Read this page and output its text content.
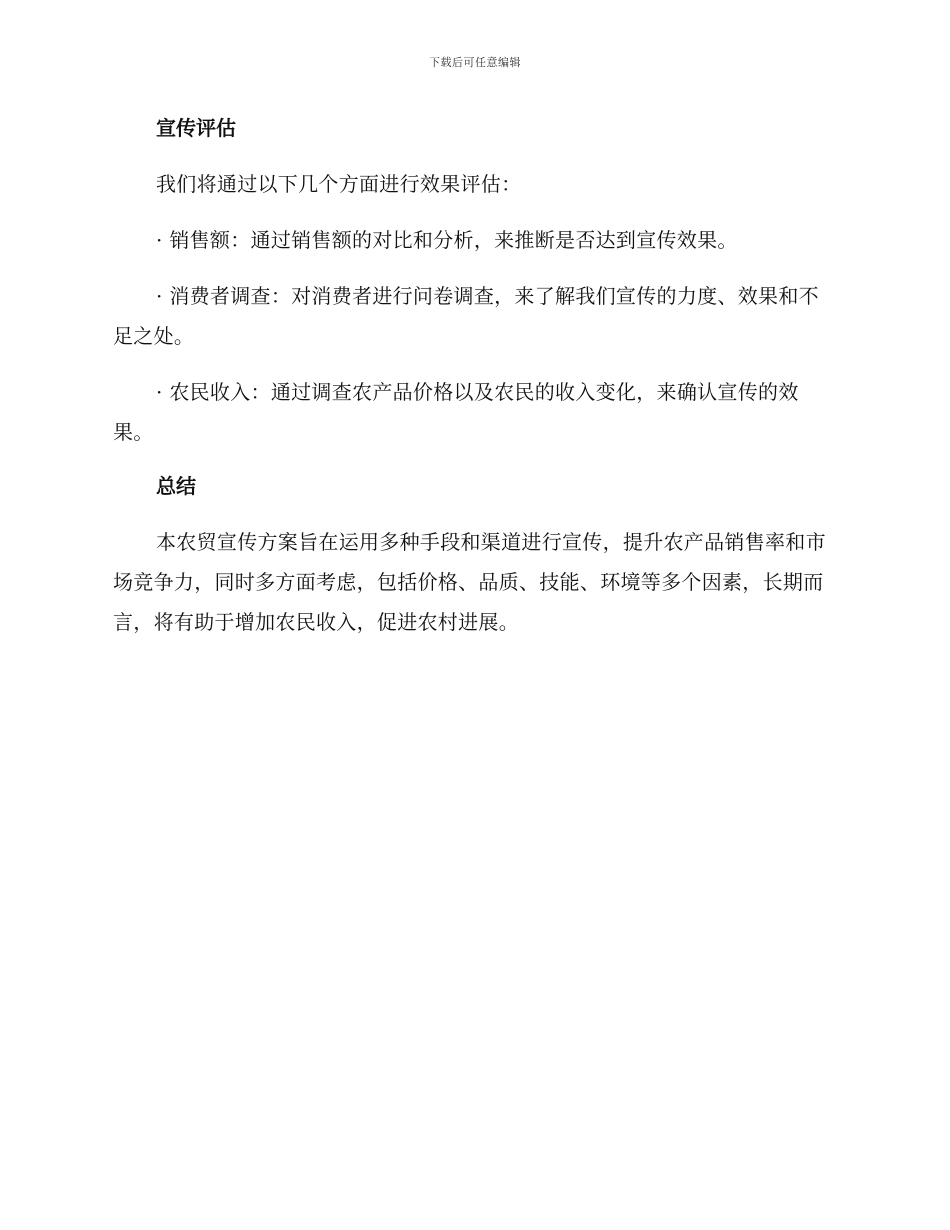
下载后可任意编辑
宣传评估

我们将通过以下几个方面进行效果评估：

· 销售额：通过销售额的对比和分析，来推断是否达到宣传效果。

· 消费者调查：对消费者进行问卷调查，来了解我们宣传的力度、效果和不足之处。

· 农民收入：通过调查农产品价格以及农民的收入变化，来确认宣传的效果。

总结

本农贸宣传方案旨在运用多种手段和渠道进行宣传，提升农产品销售率和市场竞争力，同时多方面考虑，包括价格、品质、技能、环境等多个因素，长期而言，将有助于增加农民收入，促进农村进展。
